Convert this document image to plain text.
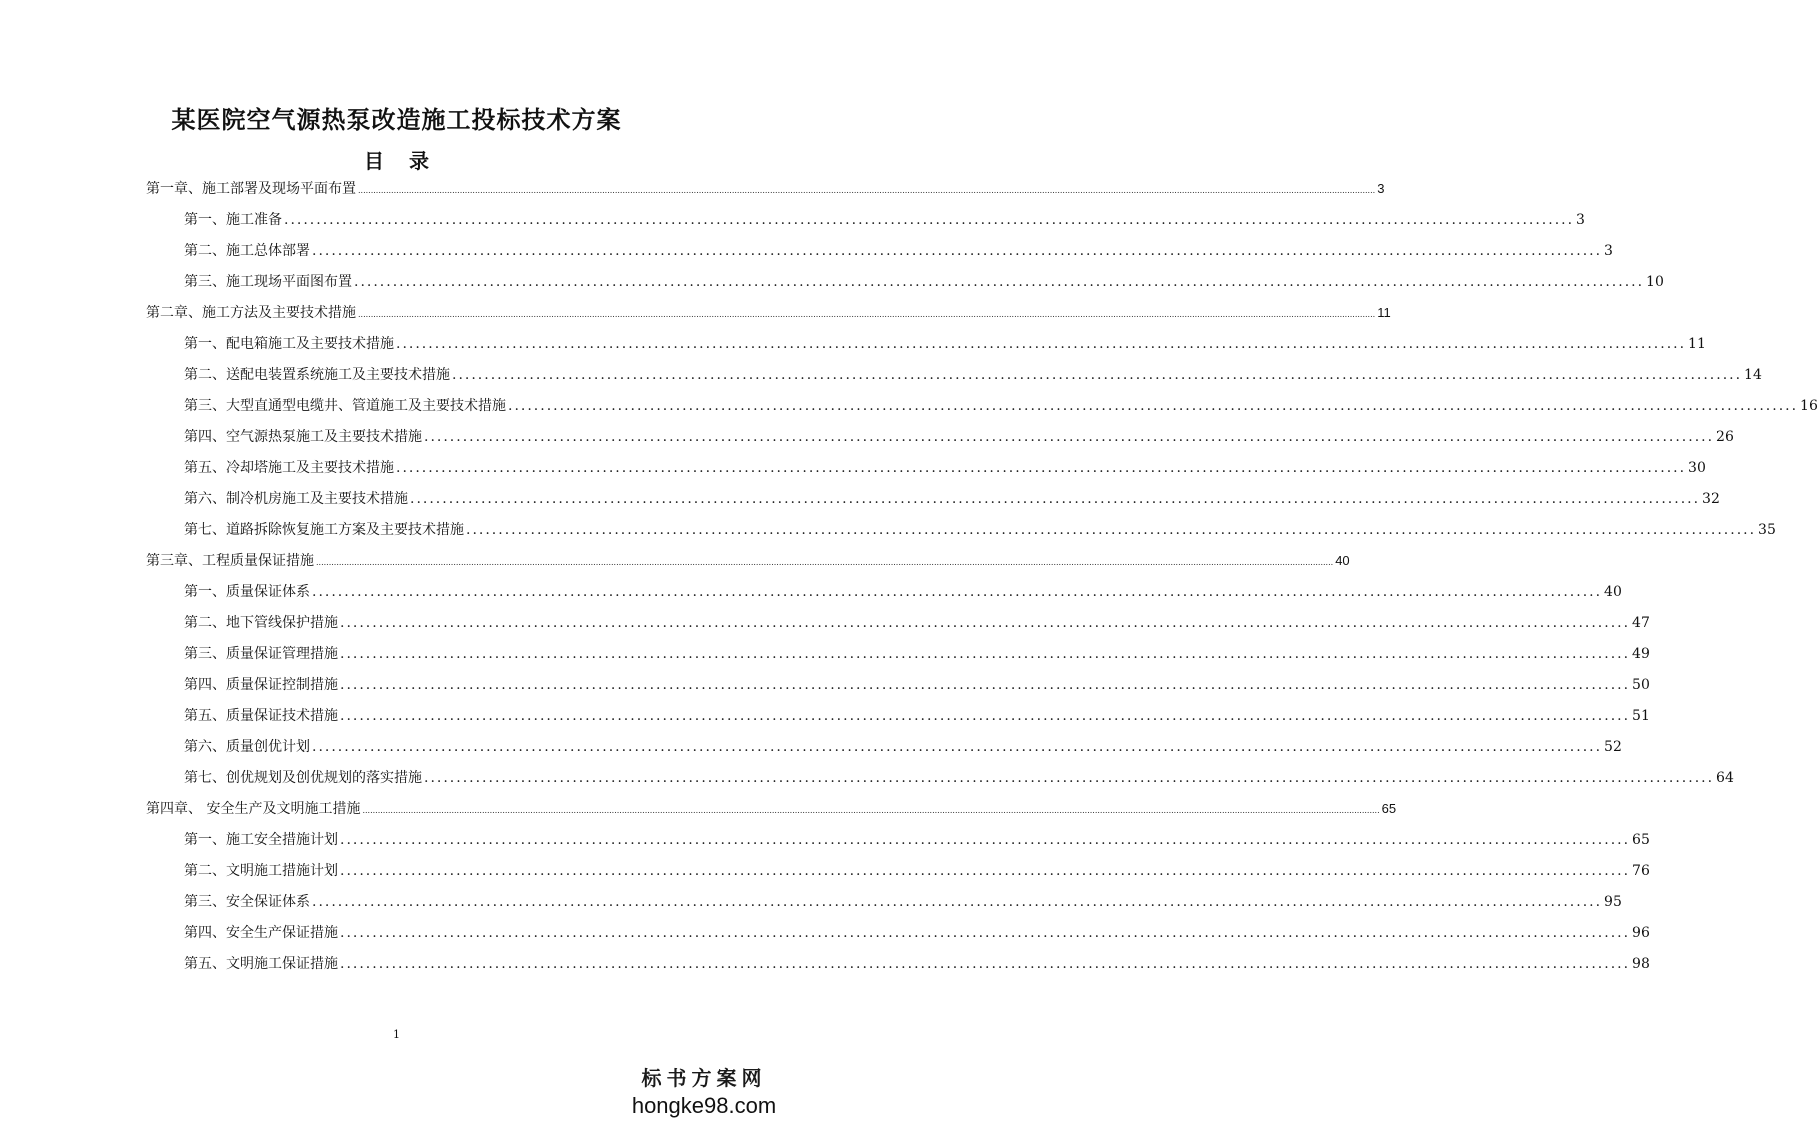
某医院空气源热泵改造施工投标技术方案
目 录
第一章、施工部署及现场平面布置 ................................................................................................................................................................................................................................................................................................................................................................................................................ 3
第一、施工准备 ........................................................................................................................................................................................................ 3
第二、施工总体部署 ........................................................................................................................................................................................................ 3
第三、施工现场平面图布置 ........................................................................................................................................................................................................ 10
第二章、施工方法及主要技术措施 ................................................................................................................................................................................................................................................................................................................................................................................................................ 11
第一、配电箱施工及主要技术措施 ........................................................................................................................................................................................................ 11
第二、送配电装置系统施工及主要技术措施 ........................................................................................................................................................................................................ 14
第三、大型直通型电缆井、管道施工及主要技术措施 ........................................................................................................................................................................................................ 16
第四、空气源热泵施工及主要技术措施 ........................................................................................................................................................................................................ 26
第五、冷却塔施工及主要技术措施 ........................................................................................................................................................................................................ 30
第六、制冷机房施工及主要技术措施 ........................................................................................................................................................................................................ 32
第七、道路拆除恢复施工方案及主要技术措施 ........................................................................................................................................................................................................ 35
第三章、工程质量保证措施 ................................................................................................................................................................................................................................................................................................................................................................................................................ 40
第一、质量保证体系 ........................................................................................................................................................................................................ 40
第二、地下管线保护措施 ........................................................................................................................................................................................................ 47
第三、质量保证管理措施 ........................................................................................................................................................................................................ 49
第四、质量保证控制措施 ........................................................................................................................................................................................................ 50
第五、质量保证技术措施 ........................................................................................................................................................................................................ 51
第六、质量创优计划 ........................................................................................................................................................................................................ 52
第七、创优规划及创优规划的落实措施 ........................................................................................................................................................................................................ 64
第四章、 安全生产及文明施工措施 ................................................................................................................................................................................................................................................................................................................................................................................................................ 65
第一、施工安全措施计划 ........................................................................................................................................................................................................ 65
第二、文明施工措施计划 ........................................................................................................................................................................................................ 76
第三、安全保证体系 ........................................................................................................................................................................................................ 95
第四、安全生产保证措施 ........................................................................................................................................................................................................ 96
第五、文明施工保证措施 ........................................................................................................................................................................................................ 98
1
标书方案网
hongke98.com
